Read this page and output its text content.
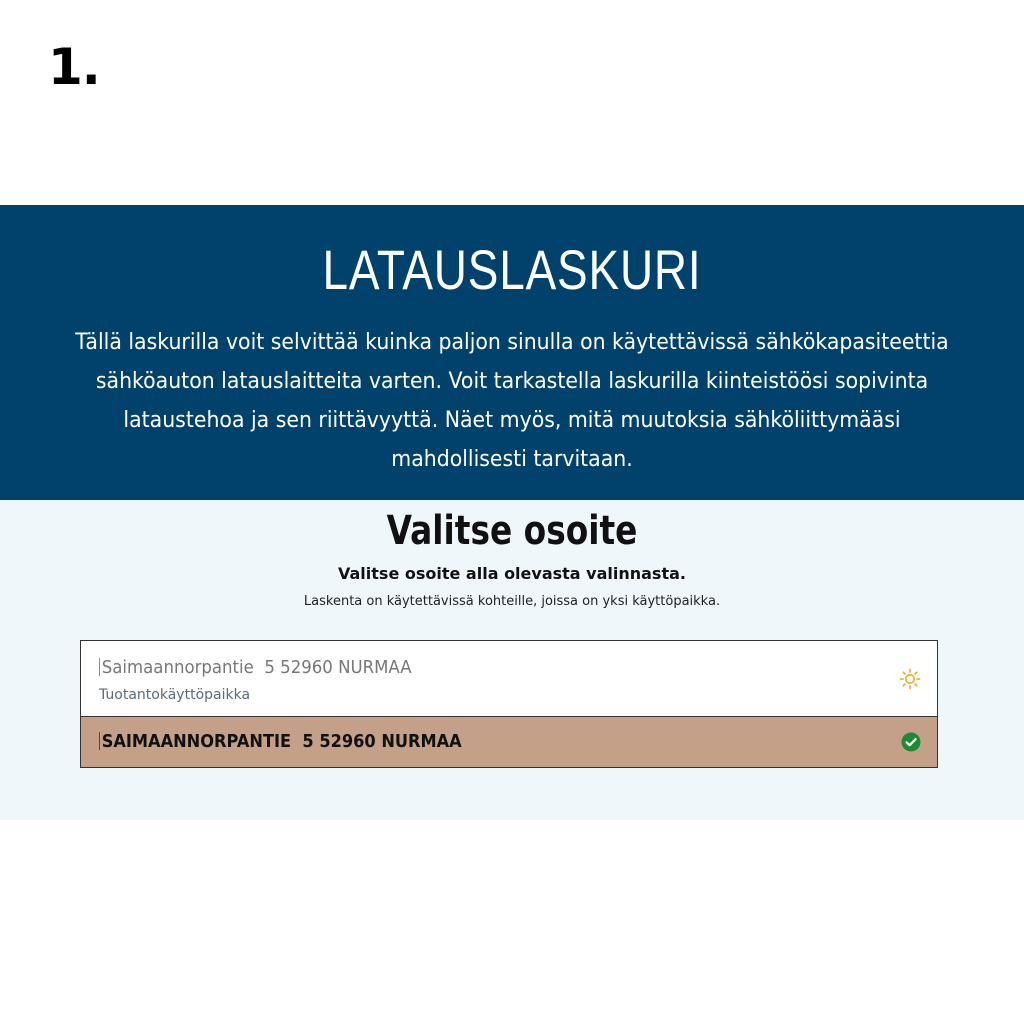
1.
LATAUSLASKURI
Tällä laskurilla voit selvittää kuinka paljon sinulla on käytettävissä sähkökapasiteettia sähköauton latauslaitteita varten. Voit tarkastella laskurilla kiinteistöösi sopivinta lataustehoa ja sen riittävyyttä. Näet myös, mitä muutoksia sähköliittymääsi mahdollisesti tarvitaan.
Valitse osoite
Valitse osoite alla olevasta valinnasta.
Laskenta on käytettävissä kohteille, joissa on yksi käyttöpaikka.
Saimaannorpantie 5 52960 NURMAA
Tuotantokäyttöpaikka
SAIMAANNORPANTIE 5 52960 NURMAA
